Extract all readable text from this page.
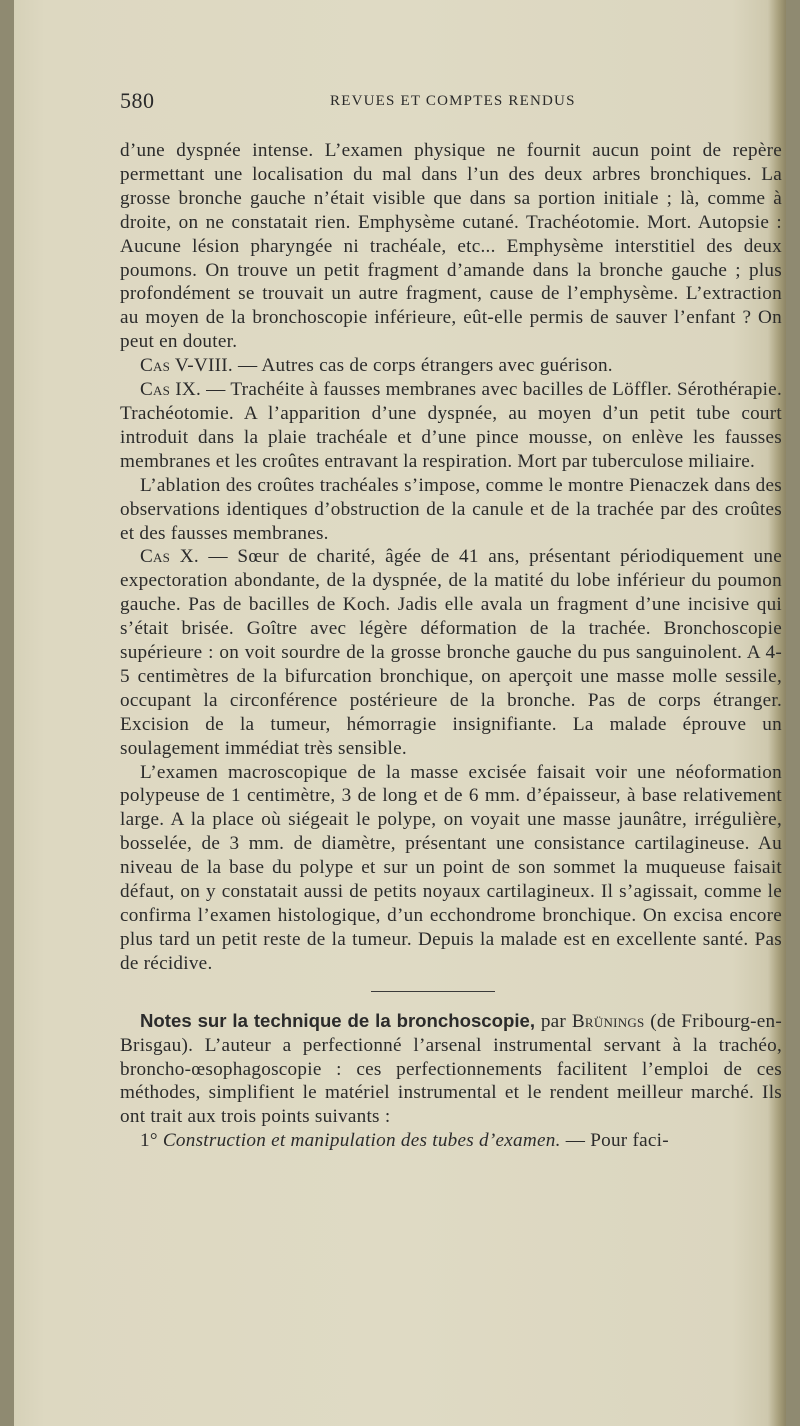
580	REVUES ET COMPTES RENDUS

d’une dyspnée intense. L’examen physique ne fournit aucun point de repère permettant une localisation du mal dans l’un des deux arbres bronchiques. La grosse bronche gauche n’était visible que dans sa portion initiale ; là, comme à droite, on ne constatait rien. Emphysème cutané. Trachéotomie. Mort. Autopsie : Aucune lésion pharyngée ni trachéale, etc... Emphysème interstitiel des deux poumons. On trouve un petit fragment d’amande dans la bronche gauche ; plus profondément se trouvait un autre fragment, cause de l’emphysème. L’extraction au moyen de la bronchoscopie inférieure, eût-elle permis de sauver l’enfant ? On peut en douter.

Cas V-VIII. — Autres cas de corps étrangers avec guérison.

Cas IX. — Trachéite à fausses membranes avec bacilles de Löffler. Sérothérapie. Trachéotomie. A l’apparition d’une dyspnée, au moyen d’un petit tube court introduit dans la plaie trachéale et d’une pince mousse, on enlève les fausses membranes et les croûtes entravant la respiration. Mort par tuberculose miliaire.

L’ablation des croûtes trachéales s’impose, comme le montre Pienaczek dans des observations identiques d’obstruction de la canule et de la trachée par des croûtes et des fausses membranes.

Cas X. — Sœur de charité, âgée de 41 ans, présentant périodiquement une expectoration abondante, de la dyspnée, de la matité du lobe inférieur du poumon gauche. Pas de bacilles de Koch. Jadis elle avala un fragment d’une incisive qui s’était brisée. Goître avec légère déformation de la trachée. Bronchoscopie supérieure : on voit sourdre de la grosse bronche gauche du pus sanguinolent. A 4-5 centimètres de la bifurcation bronchique, on aperçoit une masse molle sessile, occupant la circonférence postérieure de la bronche. Pas de corps étranger. Excision de la tumeur, hémorragie insignifiante. La malade éprouve un soulagement immédiat très sensible.

L’examen macroscopique de la masse excisée faisait voir une néoformation polypeuse de 1 centimètre, 3 de long et de 6 mm. d’épaisseur, à base relativement large. A la place où siégeait le polype, on voyait une masse jaunâtre, irrégulière, bosselée, de 3 mm. de diamètre, présentant une consistance cartilagineuse. Au niveau de la base du polype et sur un point de son sommet la muqueuse faisait défaut, on y constatait aussi de petits noyaux cartilagineux. Il s’agissait, comme le confirma l’examen histologique, d’un ecchondrome bronchique. On excisa encore plus tard un petit reste de la tumeur. Depuis la malade est en excellente santé. Pas de récidive.

Notes sur la technique de la bronchoscopie, par Brünings (de Fribourg-en-Brisgau). L’auteur a perfectionné l’arsenal instrumental servant à la trachéo, broncho-œsophagoscopie : ces perfectionnements facilitent l’emploi de ces méthodes, simplifient le matériel instrumental et le rendent meilleur marché. Ils ont trait aux trois points suivants :

1° Construction et manipulation des tubes d’examen. — Pour faci-
